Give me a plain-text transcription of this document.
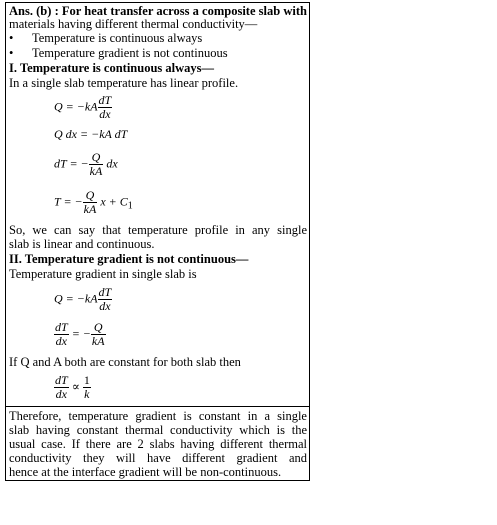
Ans. (b) : For heat transfer across a composite slab with
materials having different thermal conductivity—
• Temperature is continuous always
• Temperature gradient is not continuous
I. Temperature is continuous always—
In a single slab temperature has linear profile.
$Q = -kA \frac{dT}{dx}$
Q dx = −kA dT
dT = − $\frac{Q}{kA}$ dx
T = − $\frac{Q}{kA}$ $x + C_1$
So, we can say that temperature profile in any single
slab is linear and continuous.
II. Temperature gradient is not continuous—
Temperature gradient in single slab is
$Q = -kA \frac{dT}{dx}$
$\frac{dT}{dx}$ = − $\frac{Q}{kA}$
If Q and A both are constant for both slab then
$\frac{dT}{dx} \propto \frac{1}{k}$
Therefore, temperature gradient is constant in a single
slab having constant thermal conductivity which is the
usual case. If there are 2 slabs having different thermal
conductivity they will have different gradient and
hence at the interface gradient will be non-continuous.
